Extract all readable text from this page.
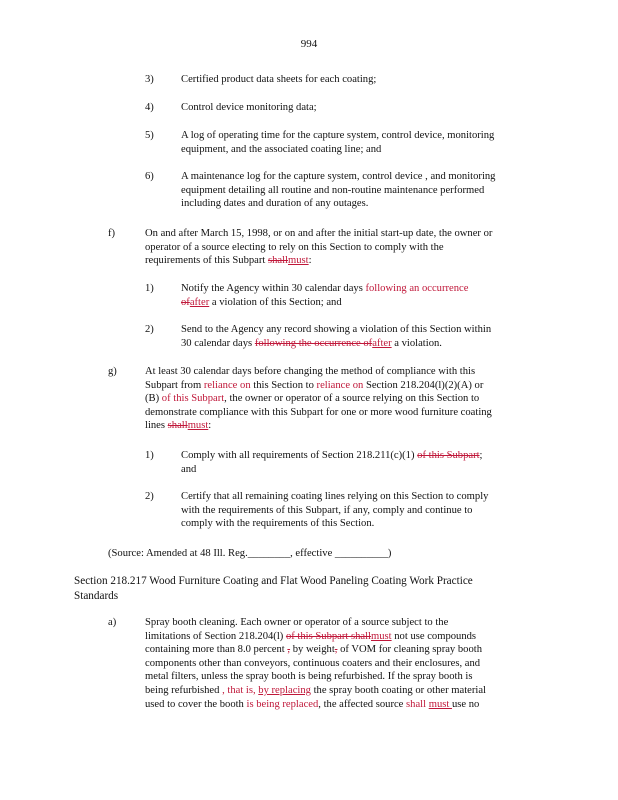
994
3)	Certified product data sheets for each coating;
4)	Control device monitoring data;
5)	A log of operating time for the capture system, control device, monitoring
equipment, and the associated coating line; and
6)	A maintenance log for the capture system, control device , and monitoring
equipment detailing all routine and non-routine maintenance performed
including dates and duration of any outages.
f)	On and after March 15, 1998, or on and after the initial start-up date, the owner or
operator of a source electing to rely on this Section to comply with the
requirements of this Subpart shallmust:
1)	Notify the Agency within 30 calendar days following an occurrence
ofafter a violation of this Section; and
2)	Send to the Agency any record showing a violation of this Section within
30 calendar days following the occurrence ofafter a violation.
g)	At least 30 calendar days before changing the method of compliance with this
Subpart from reliance on this Section to reliance on Section 218.204(l)(2)(A) or
(B) of this Subpart, the owner or operator of a source relying on this Section to
demonstrate compliance with this Subpart for one or more wood furniture coating
lines shallmust:
1)	Comply with all requirements of Section 218.211(c)(1) of this Subpart;
and
2)	Certify that all remaining coating lines relying on this Section to comply
with the requirements of this Subpart, if any, comply and continue to
comply with the requirements of this Section.
(Source: Amended at 48 Ill. Reg.________, effective __________)
Section 218.217 Wood Furniture Coating and Flat Wood Paneling Coating Work Practice
Standards
a)	Spray booth cleaning. Each owner or operator of a source subject to the
limitations of Section 218.204(l) of this Subpart shallmust not use compounds
containing more than 8.0 percent , by weight, of VOM for cleaning spray booth
components other than conveyors, continuous coaters and their enclosures, and
metal filters, unless the spray booth is being refurbished. If the spray booth is
being refurbished , that is, by replacing the spray booth coating or other material
used to cover the booth is being replaced, the affected source shall must use no
